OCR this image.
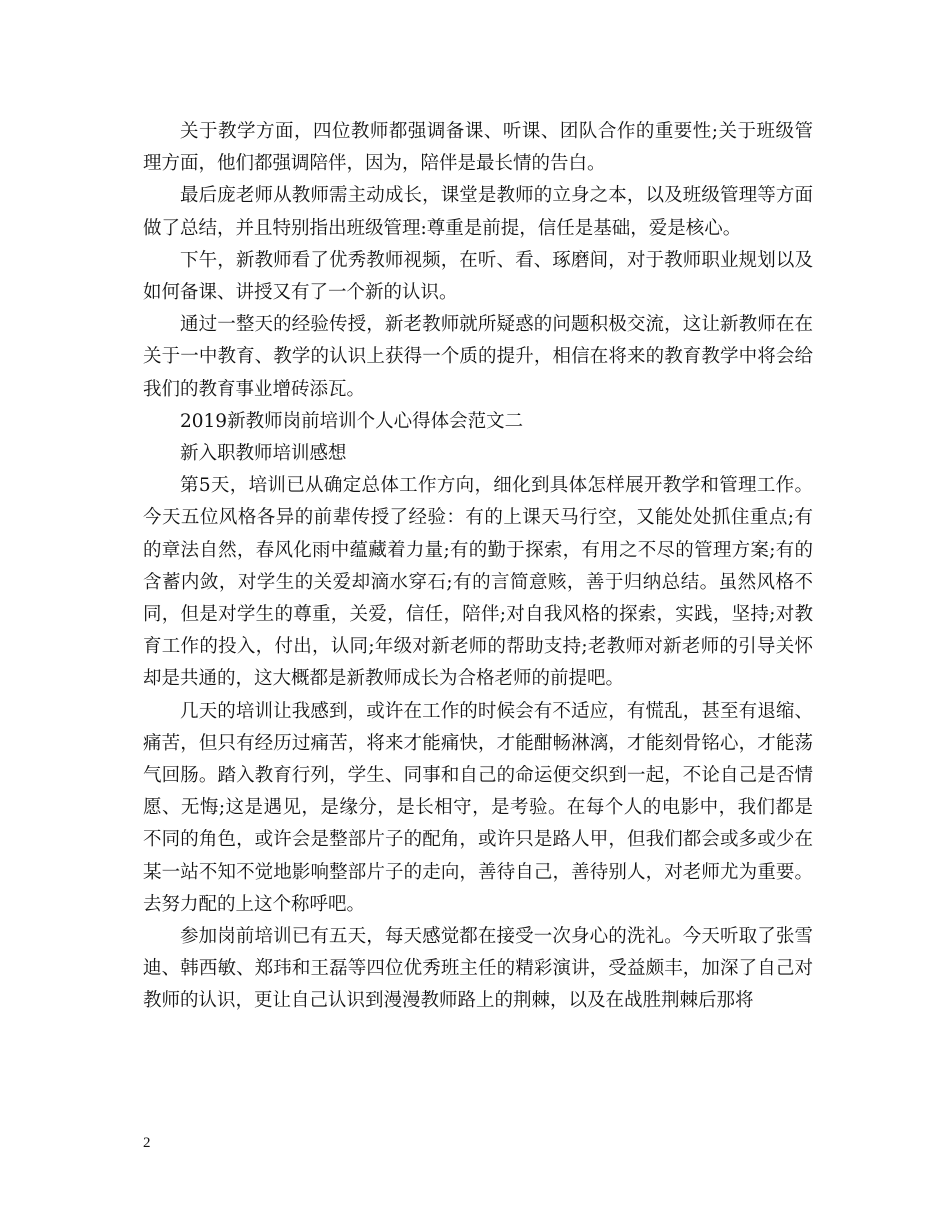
关于教学方面，四位教师都强调备课、听课、团队合作的重要性;关于班级管理方面，他们都强调陪伴，因为，陪伴是最长情的告白。

最后庞老师从教师需主动成长，课堂是教师的立身之本，以及班级管理等方面做了总结，并且特别指出班级管理:尊重是前提，信任是基础，爱是核心。

下午，新教师看了优秀教师视频，在听、看、琢磨间，对于教师职业规划以及如何备课、讲授又有了一个新的认识。

通过一整天的经验传授，新老教师就所疑惑的问题积极交流，这让新教师在在关于一中教育、教学的认识上获得一个质的提升，相信在将来的教育教学中将会给我们的教育事业增砖添瓦。

2019新教师岗前培训个人心得体会范文二

新入职教师培训感想

第5天，培训已从确定总体工作方向，细化到具体怎样展开教学和管理工作。今天五位风格各异的前辈传授了经验：有的上课天马行空，又能处处抓住重点;有的章法自然，春风化雨中蕴藏着力量;有的勤于探索，有用之不尽的管理方案;有的含蓄内敛，对学生的关爱却滴水穿石;有的言简意赅，善于归纳总结。虽然风格不同，但是对学生的尊重，关爱，信任，陪伴;对自我风格的探索，实践，坚持;对教育工作的投入，付出，认同;年级对新老师的帮助支持;老教师对新老师的引导关怀却是共通的，这大概都是新教师成长为合格老师的前提吧。

几天的培训让我感到，或许在工作的时候会有不适应，有慌乱，甚至有退缩、痛苦，但只有经历过痛苦，将来才能痛快，才能酣畅淋漓，才能刻骨铭心，才能荡气回肠。踏入教育行列，学生、同事和自己的命运便交织到一起，不论自己是否情愿、无悔;这是遇见，是缘分，是长相守，是考验。在每个人的电影中，我们都是不同的角色，或许会是整部片子的配角，或许只是路人甲，但我们都会或多或少在某一站不知不觉地影响整部片子的走向，善待自己，善待别人，对老师尤为重要。去努力配的上这个称呼吧。

参加岗前培训已有五天，每天感觉都在接受一次身心的洗礼。今天听取了张雪迪、韩西敏、郑玮和王磊等四位优秀班主任的精彩演讲，受益颇丰，加深了自己对教师的认识，更让自己认识到漫漫教师路上的荆棘，以及在战胜荆棘后那将

2
